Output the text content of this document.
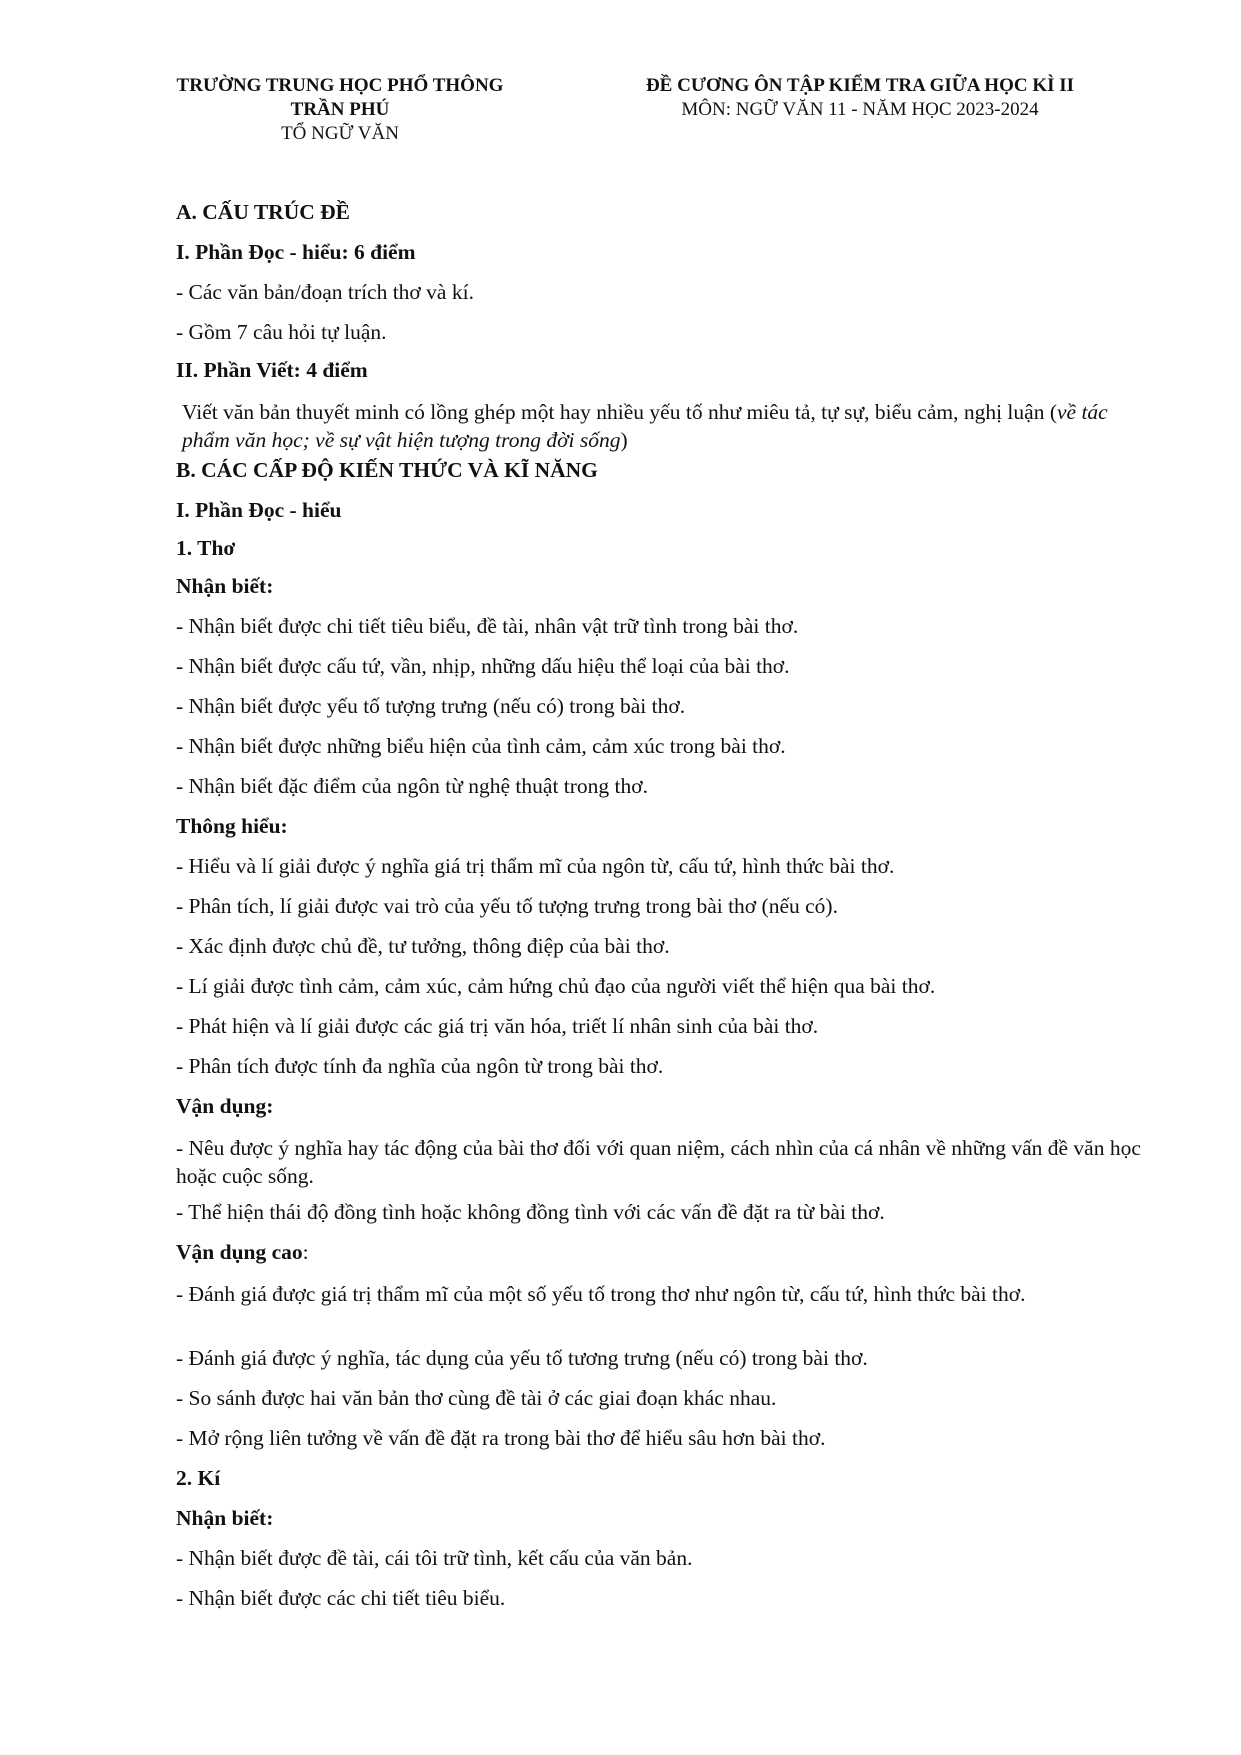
TRƯỜNG TRUNG HỌC PHỔ THÔNG
TRẦN PHÚ
TỔ NGỮ VĂN
ĐỀ CƯƠNG ÔN TẬP KIỂM TRA GIỮA HỌC KÌ II
MÔN: NGỮ VĂN 11 - NĂM HỌC 2023-2024
A. CẤU TRÚC ĐỀ
I. Phần Đọc - hiểu: 6 điểm
- Các văn bản/đoạn trích thơ và kí.
- Gồm 7 câu hỏi tự luận.
II. Phần Viết: 4 điểm
Viết văn bản thuyết minh có lồng ghép một hay nhiều yếu tố như miêu tả, tự sự, biểu cảm, nghị luận (về tác phẩm văn học; về sự vật hiện tượng trong đời sống)
B. CÁC CẤP ĐỘ KIẾN THỨC VÀ KĨ NĂNG
I. Phần Đọc - hiểu
1. Thơ
Nhận biết:
- Nhận biết được chi tiết tiêu biểu, đề tài, nhân vật trữ tình trong bài thơ.
- Nhận biết được cấu tứ, vần, nhịp, những dấu hiệu thể loại của bài thơ.
- Nhận biết được yếu tố tượng trưng (nếu có) trong bài thơ.
- Nhận biết được những biểu hiện của tình cảm, cảm xúc trong bài thơ.
- Nhận biết đặc điểm của ngôn từ nghệ thuật trong thơ.
Thông hiểu:
- Hiểu và lí giải được ý nghĩa giá trị thẩm mĩ của ngôn từ, cấu tứ, hình thức bài thơ.
- Phân tích, lí giải được vai trò của yếu tố tượng trưng trong bài thơ (nếu có).
- Xác định được chủ đề, tư tưởng, thông điệp của bài thơ.
- Lí giải được tình cảm, cảm xúc, cảm hứng chủ đạo của người viết thể hiện qua bài thơ.
- Phát hiện và lí giải được các giá trị văn hóa, triết lí nhân sinh của bài thơ.
- Phân tích được tính đa nghĩa của ngôn từ trong bài thơ.
Vận dụng:
- Nêu được ý nghĩa hay tác động của bài thơ đối với quan niệm, cách nhìn của cá nhân về những vấn đề văn học hoặc cuộc sống.
- Thể hiện thái độ đồng tình hoặc không đồng tình với các vấn đề đặt ra từ bài thơ.
Vận dụng cao:
- Đánh giá được giá trị thẩm mĩ của một số yếu tố trong thơ như ngôn từ, cấu tứ, hình thức bài thơ.
- Đánh giá được ý nghĩa, tác dụng của yếu tố tương trưng (nếu có) trong bài thơ.
- So sánh được hai văn bản thơ cùng đề tài ở các giai đoạn khác nhau.
- Mở rộng liên tưởng về vấn đề đặt ra trong bài thơ để hiểu sâu hơn bài thơ.
2. Kí
Nhận biết:
- Nhận biết được đề tài, cái tôi trữ tình, kết cấu của văn bản.
- Nhận biết được các chi tiết tiêu biểu.
